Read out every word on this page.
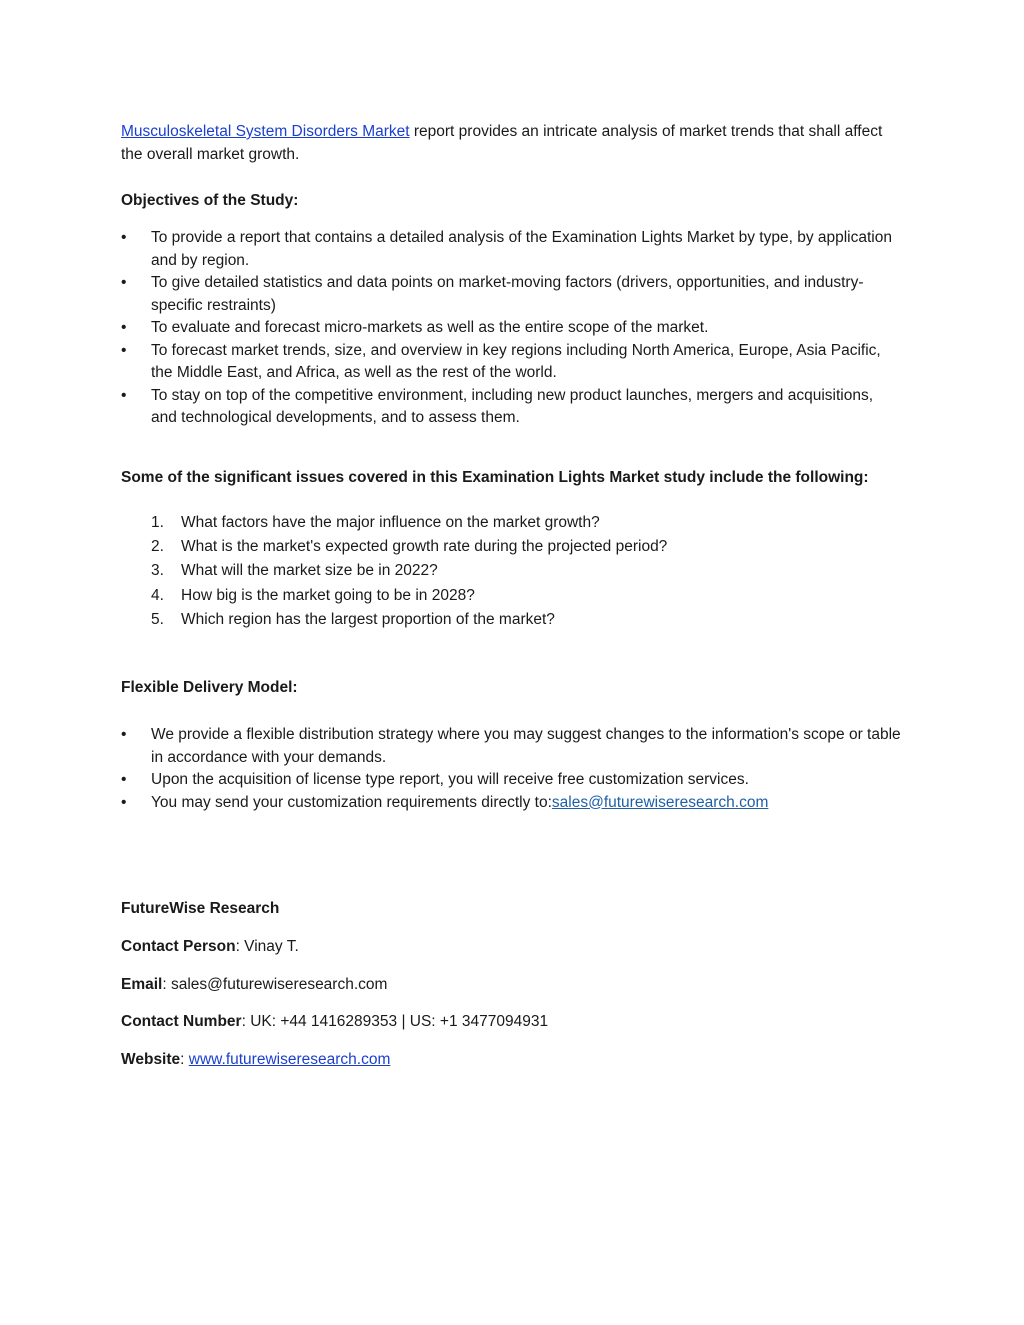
Musculoskeletal System Disorders Market report provides an intricate analysis of market trends that shall affect the overall market growth.

Objectives of the Study:

• To provide a report that contains a detailed analysis of the Examination Lights Market by type, by application and by region.
• To give detailed statistics and data points on market-moving factors (drivers, opportunities, and industry-specific restraints)
• To evaluate and forecast micro-markets as well as the entire scope of the market.
• To forecast market trends, size, and overview in key regions including North America, Europe, Asia Pacific, the Middle East, and Africa, as well as the rest of the world.
• To stay on top of the competitive environment, including new product launches, mergers and acquisitions, and technological developments, and to assess them.

Some of the significant issues covered in this Examination Lights Market study include the following:

1. What factors have the major influence on the market growth?
2. What is the market's expected growth rate during the projected period?
3. What will the market size be in 2022?
4. How big is the market going to be in 2028?
5. Which region has the largest proportion of the market?

Flexible Delivery Model:

• We provide a flexible distribution strategy where you may suggest changes to the information's scope or table in accordance with your demands.
• Upon the acquisition of license type report, you will receive free customization services.
• You may send your customization requirements directly to:sales@futurewiseresearch.com

FutureWise Research

Contact Person: Vinay T.

Email: sales@futurewiseresearch.com

Contact Number: UK: +44 1416289353 | US: +1 3477094931

Website: www.futurewiseresearch.com
